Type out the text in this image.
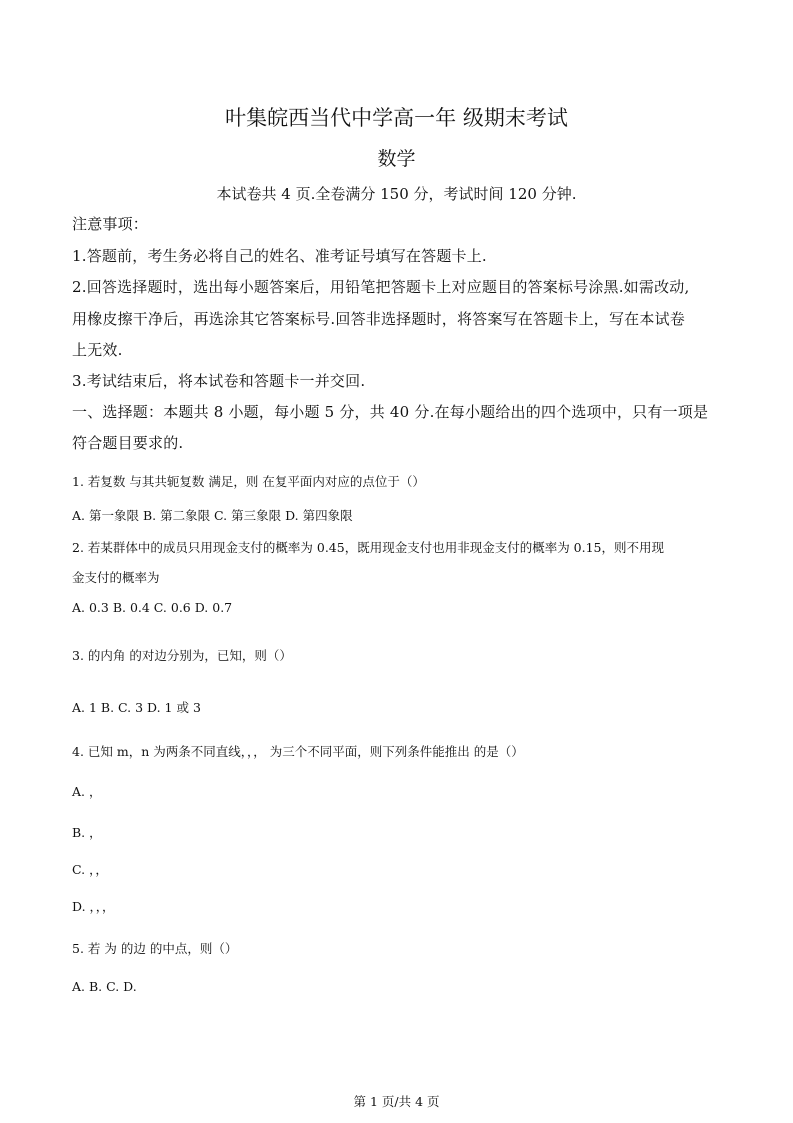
叶集皖西当代中学高一年 级期末考试
数学
本试卷共 4 页.全卷满分 150 分，考试时间 120 分钟.
注意事项：
1.答题前，考生务必将自己的姓名、准考证号填写在答题卡上.
2.回答选择题时，选出每小题答案后，用铅笔把答题卡上对应题目的答案标号涂黑.如需改动,
用橡皮擦干净后，再选涂其它答案标号.回答非选择题时，将答案写在答题卡上，写在本试卷
上无效.
3.考试结束后，将本试卷和答题卡一并交回.
一、选择题：本题共 8 小题，每小题 5 分，共 40 分.在每小题给出的四个选项中，只有一项是
符合题目要求的.
1. 若复数 与其共轭复数 满足，则 在复平面内对应的点位于（）
A. 第一象限 B. 第二象限 C. 第三象限 D. 第四象限
2. 若某群体中的成员只用现金支付的概率为 0.45，既用现金支付也用非现金支付的概率为 0.15，则不用现
金支付的概率为
A. 0.3 B. 0.4 C. 0.6 D. 0.7
3. 的内角 的对边分别为，已知，则（）
A. 1 B. C. 3 D. 1 或 3
4. 已知 m，n 为两条不同直线，，， 为三个不同平面，则下列条件能推出 的是（）
A. ，
B. ，
C. ，，
D. ，，，
5. 若 为 的边 的中点，则（）
A. B. C. D.
第 1 页/共 4 页
